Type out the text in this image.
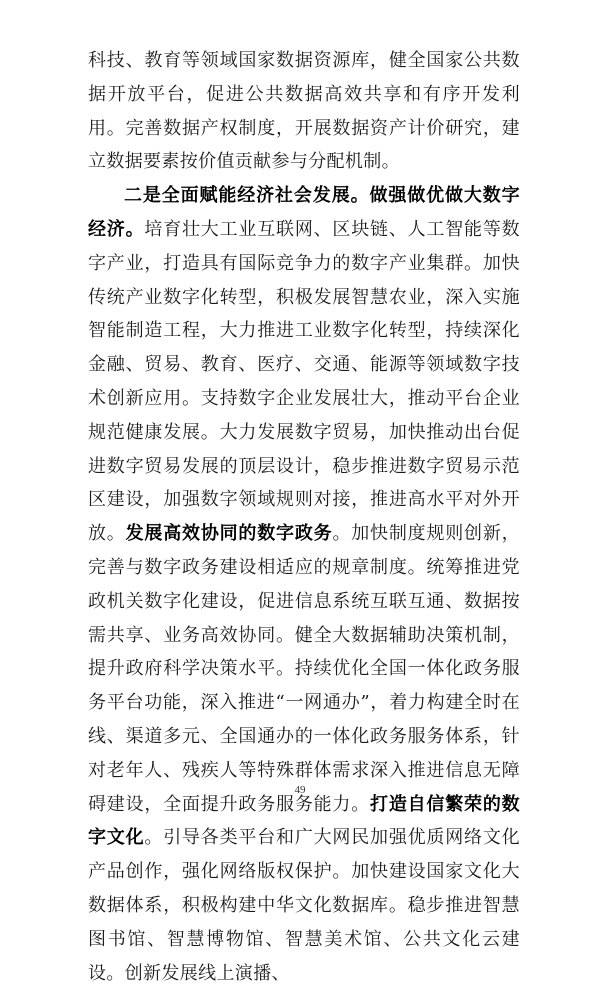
科技、教育等领域国家数据资源库，健全国家公共数据开放平台，促进公共数据高效共享和有序开发利用。完善数据产权制度，开展数据资产计价研究，建立数据要素按价值贡献参与分配机制。

二是全面赋能经济社会发展。做强做优做大数字经济。培育壮大工业互联网、区块链、人工智能等数字产业，打造具有国际竞争力的数字产业集群。加快传统产业数字化转型，积极发展智慧农业，深入实施智能制造工程，大力推进工业数字化转型，持续深化金融、贸易、教育、医疗、交通、能源等领域数字技术创新应用。支持数字企业发展壮大，推动平台企业规范健康发展。大力发展数字贸易，加快推动出台促进数字贸易发展的顶层设计，稳步推进数字贸易示范区建设，加强数字领域规则对接，推进高水平对外开放。发展高效协同的数字政务。加快制度规则创新，完善与数字政务建设相适应的规章制度。统筹推进党政机关数字化建设，促进信息系统互联互通、数据按需共享、业务高效协同。健全大数据辅助决策机制，提升政府科学决策水平。持续优化全国一体化政务服务平台功能，深入推进“一网通办”，着力构建全时在线、渠道多元、全国通办的一体化政务服务体系，针对老年人、残疾人等特殊群体需求深入推进信息无障碍建设，全面提升政务服务能力。打造自信繁荣的数字文化。引导各类平台和广大网民加强优质网络文化产品创作，强化网络版权保护。加快建设国家文化大数据体系，积极构建中华文化数据库。稳步推进智慧图书馆、智慧博物馆、智慧美术馆、公共文化云建设。创新发展线上演播、

49
